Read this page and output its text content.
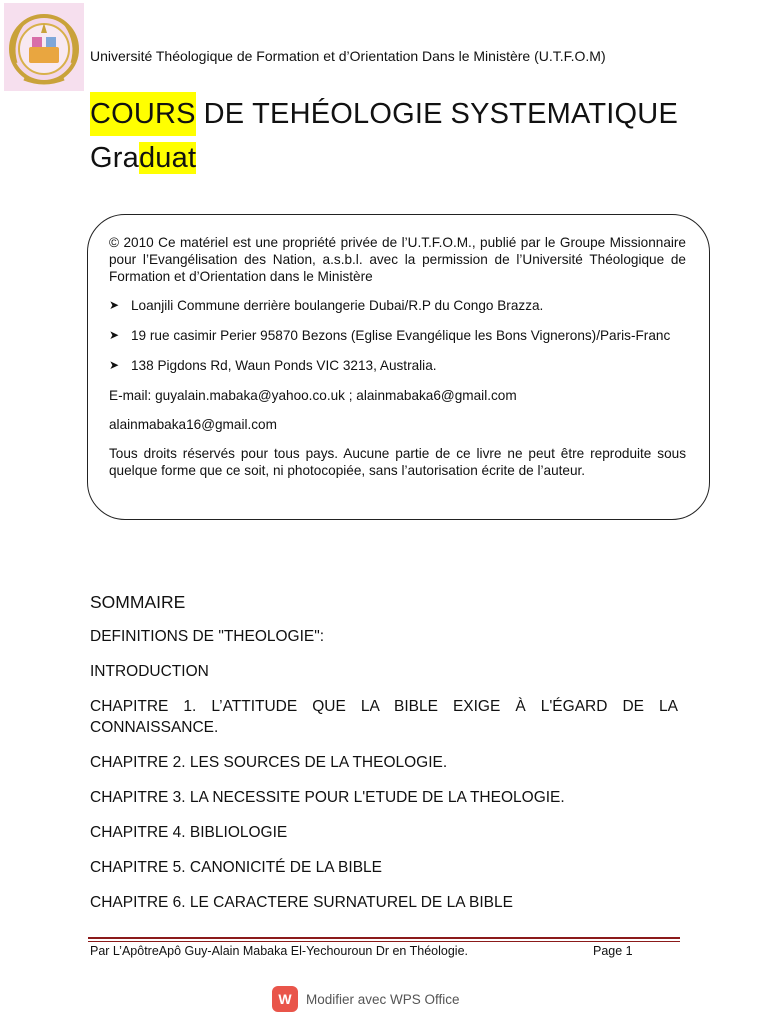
Université Théologique de Formation et d’Orientation Dans le Ministère (U.T.F.O.M)
COURS DE TEHÉOLOGIE SYSTEMATIQUE
Graduat

© 2010 Ce matériel est une propriété privée de l’U.T.F.O.M., publié par le Groupe Missionnaire pour l’Evangélisation des Nation, a.s.b.l. avec la permission de l’Université Théologique de Formation et d’Orientation dans le Ministère

➤ Loanjili Commune derrière boulangerie Dubai/R.P du Congo Brazza.
➤ 19 rue casimir Perier 95870 Bezons (Eglise Evangélique les Bons Vignerons)/Paris-Franc
➤ 138 Pigdons Rd, Waun Ponds VIC 3213, Australia.

E-mail: guyalain.mabaka@yahoo.co.uk ; alainmabaka6@gmail.com

alainmabaka16@gmail.com

Tous droits réservés pour tous pays. Aucune partie de ce livre ne peut être reproduite sous quelque forme que ce soit, ni photocopiée, sans l’autorisation écrite de l’auteur.

SOMMAIRE
DEFINITIONS DE "THEOLOGIE":
INTRODUCTION
CHAPITRE 1. L’ATTITUDE QUE LA BIBLE EXIGE À L'ÉGARD DE LA CONNAISSANCE.
CHAPITRE 2. LES SOURCES DE LA THEOLOGIE.
CHAPITRE 3. LA NECESSITE POUR L'ETUDE DE LA THEOLOGIE.
CHAPITRE 4. BIBLIOLOGIE
CHAPITRE 5. CANONICITÉ DE LA BIBLE
CHAPITRE 6. LE CARACTERE SURNATUREL DE LA BIBLE
Par L’ApôtreApô Guy-Alain Mabaka El-Yechouroun Dr en Théologie.	Page 1
W	Modifier avec WPS Office
